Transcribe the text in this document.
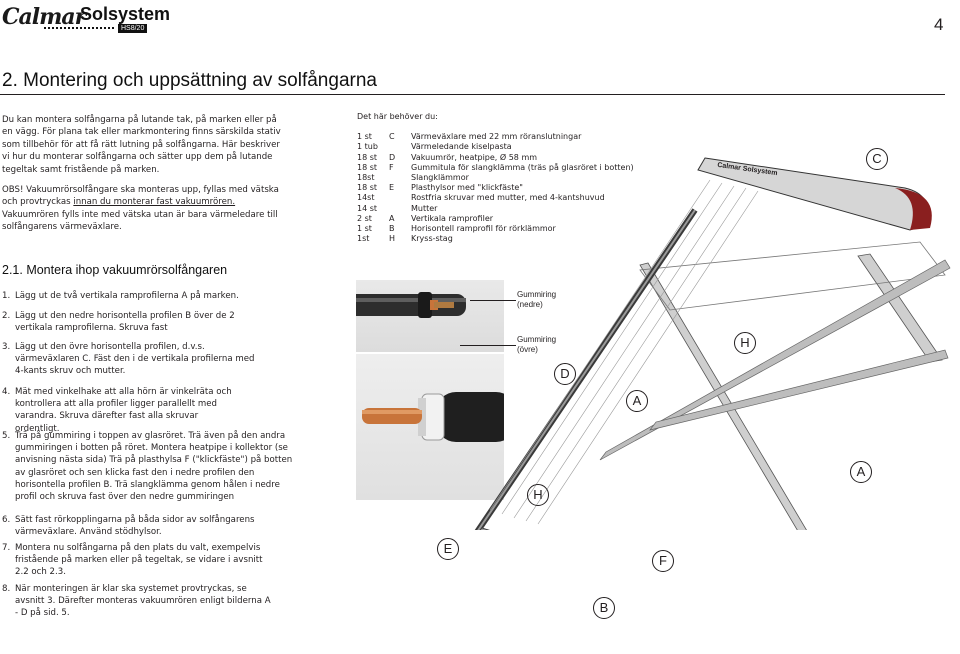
Calmar
Solsystem
HS8/20	4
2. Montering och uppsättning av solfångarna

Du kan montera solfångarna på lutande tak, på marken eller på en vägg. För plana tak eller markmontering finns särskilda stativ som tillbehör för att få rätt lutning på solfångarna. Här beskriver vi hur du monterar solfångarna och sätter upp dem på lutande tegeltak samt fristående på marken.

OBS! Vakuumrörsolfångare ska monteras upp, fyllas med vätska och provtryckas innan du monterar fast vakuumrören. Vakuumrören fylls inte med vätska utan är bara värmeledare till solfångarens värmeväxlare.

Det här behöver du:
1 st	C	Värmeväxlare med 22 mm röranslutningar
1 tub		Värmeledande kiselpasta
18 st	D	Vakuumrör, heatpipe, Ø 58 mm
18 st	F	Gummitula för slangklämma (träs på glasröret i botten)
18st		Slangklämmor
18 st	E	Plasthylsor med "klickfäste"
14st		Rostfria skruvar med mutter, med 4-kantshuvud
14 st		Mutter
2 st	A	Vertikala ramprofiler
1 st	B	Horisontell ramprofil för rörklämmor
1st	H	Kryss-stag
2.1. Montera ihop vakuumrörsolfångaren
1. Lägg ut de två vertikala ramprofilerna A på marken.
2. Lägg ut den nedre horisontella profilen B över de 2 vertikala ramprofilerna. Skruva fast
3. Lägg ut den övre horisontella profilen, d.v.s. värmeväxlaren C. Fäst den i de vertikala profilerna med 4-kants skruv och mutter.
4. Mät med vinkelhake att alla hörn är vinkelräta och kontrollera att alla profiler ligger parallellt med varandra. Skruva därefter fast alla skruvar ordentligt.
5. Trä på gummiring i toppen av glasröret. Trä även på den andra gummiringen i botten på röret. Montera heatpipe i kollektor (se anvisning nästa sida) Trä på plasthylsa F ("klickfäste") på botten av glasröret och sen klicka fast den i nedre profilen den horisontella profilen B. Trä slangklämma genom hålen i nedre profil och skruva fast över den nedre gummiringen
6. Sätt fast rörkopplingarna på båda sidor av solfångarens värmeväxlare. Använd stödhylsor.
7. Montera nu solfångarna på den plats du valt, exempelvis fristående på marken eller på tegeltak, se vidare i avsnitt 2.2 och 2.3.
8. När monteringen är klar ska systemet provtryckas, se avsnitt 3. Därefter monteras vakuumrören enligt bilderna A - D på sid. 5.
Gummiring
(nedre)
Gummiring
(övre)
C
D
A
H
A
H
E
F
B
Calmar Solsystem
